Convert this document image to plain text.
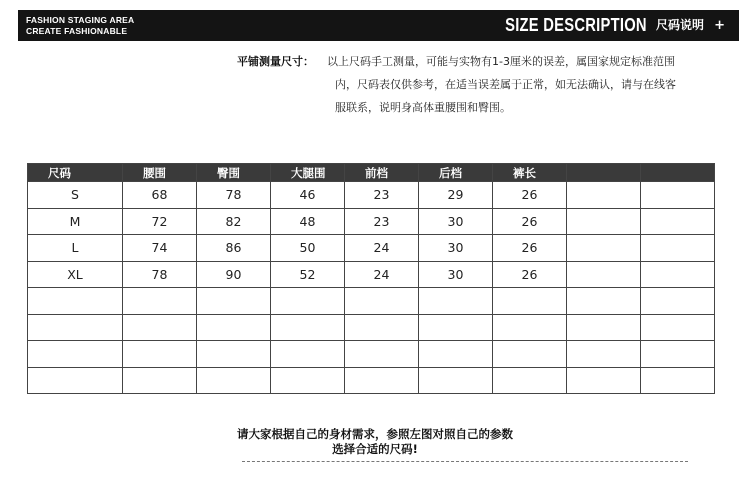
FASHION STAGING AREA
CREATE FASHIONABLE	SIZE DESCRIPTION 尺码说明 +
平铺测量尺寸： 以上尺码手工测量，可能与实物有1-3厘米的误差，属国家规定标准范围
内，尺码表仅供参考，在适当误差属于正常，如无法确认，请与在线客
服联系，说明身高体重腰围和臀围。
尺码	腰围	臀围	大腿围	前档	后档	裤长		
S	68	78	46	23	29	26		
M	72	82	48	23	30	26		
L	74	86	50	24	30	26		
XL	78	90	52	24	30	26		

请大家根据自己的身材需求，参照左图对照自己的参数
选择合适的尺码!
